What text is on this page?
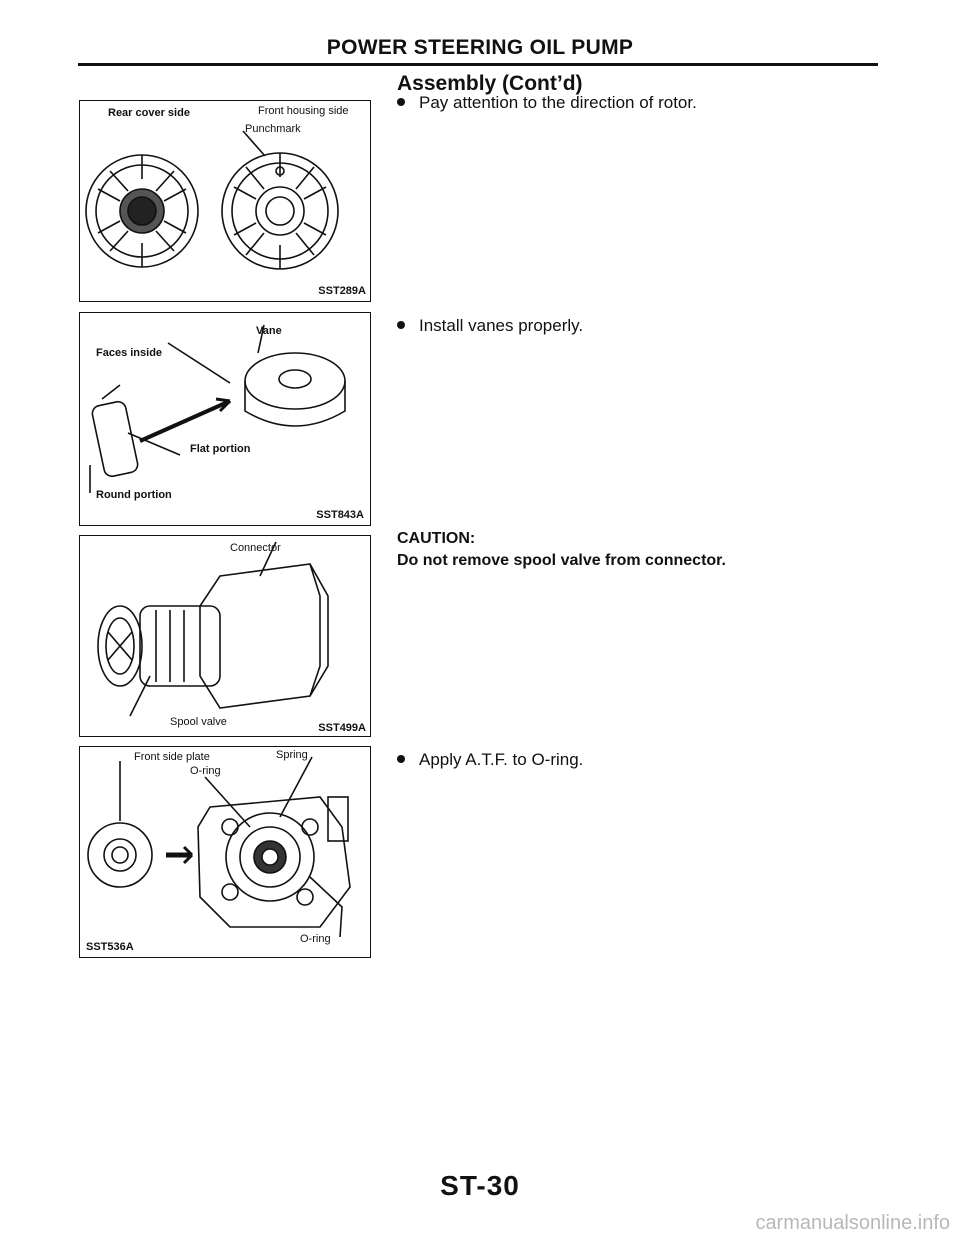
POWER STEERING OIL PUMP
Assembly (Cont’d)
Pay attention to the direction of rotor.
Install vanes properly.
CAUTION:
Do not remove spool valve from connector.
Apply A.T.F. to O-ring.
Rear cover side	Front housing side
Punchmark
SST289A
Vane
Faces inside
Flat portion
Round portion
SST843A
Connector
Spool valve	SST499A
Front side plate	Spring
O-ring
O-ring
SST536A
ST-30
carmanualsonline.info
